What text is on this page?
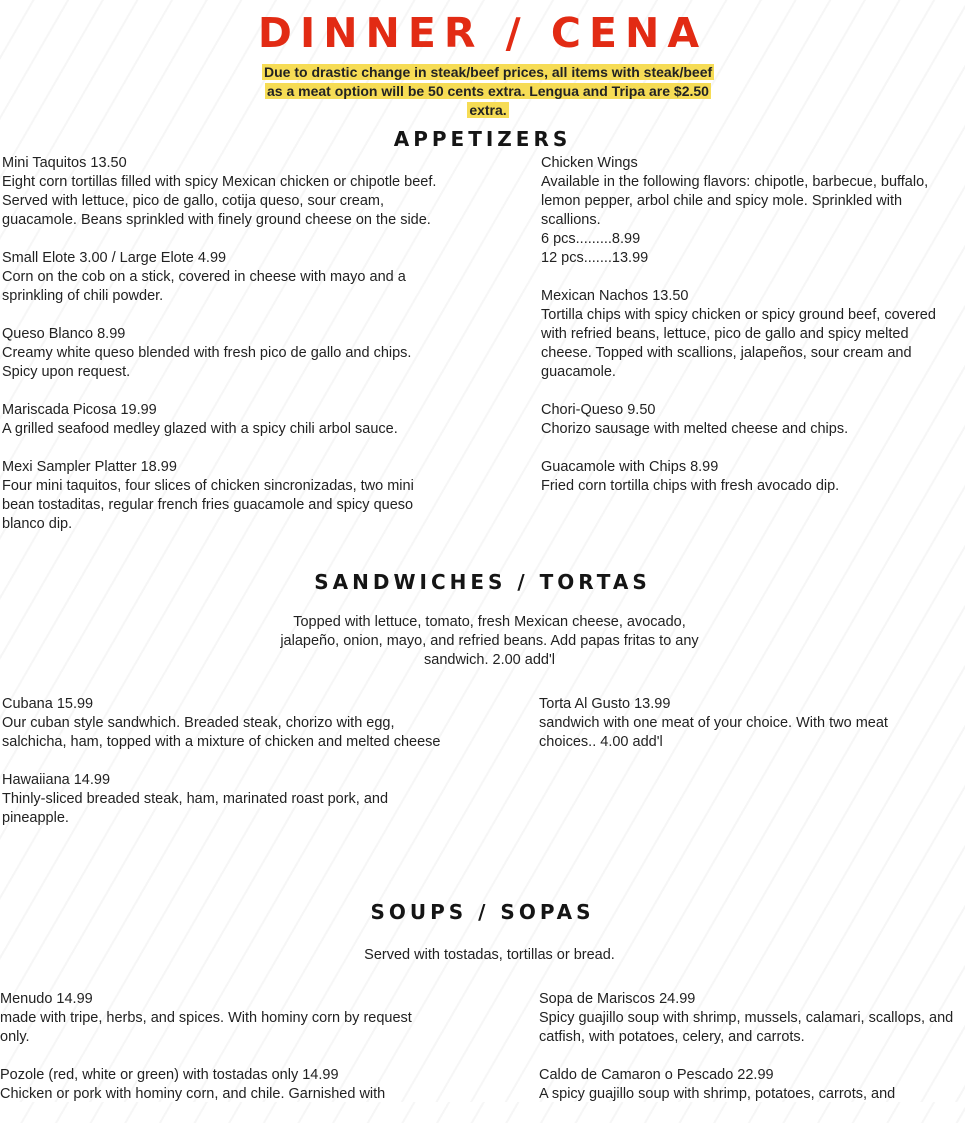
DINNER / CENA
Due to drastic change in steak/beef prices, all items with steak/beef as a meat option will be 50 cents extra. Lengua and Tripa are $2.50 extra.
APPETIZERS
Mini Taquitos 13.50
Eight corn tortillas filled with spicy Mexican chicken or chipotle beef. Served with lettuce, pico de gallo, cotija queso, sour cream, guacamole. Beans sprinkled with finely ground cheese on the side.
Small Elote 3.00 / Large Elote 4.99
Corn on the cob on a stick, covered in cheese with mayo and a sprinkling of chili powder.
Queso Blanco 8.99
Creamy white queso blended with fresh pico de gallo and chips. Spicy upon request.
Mariscada Picosa 19.99
A grilled seafood medley glazed with a spicy chili arbol sauce.
Mexi Sampler Platter 18.99
Four mini taquitos, four slices of chicken sincronizadas, two mini bean tostaditas, regular french fries guacamole and spicy queso blanco dip.
Chicken Wings
Available in the following flavors: chipotle, barbecue, buffalo, lemon pepper, arbol chile and spicy mole. Sprinkled with scallions.
6 pcs.........8.99
12 pcs.......13.99
Mexican Nachos 13.50
Tortilla chips with spicy chicken or spicy ground beef, covered with refried beans, lettuce, pico de gallo and spicy melted cheese. Topped with scallions, jalapeños, sour cream and guacamole.
Chori-Queso 9.50
Chorizo sausage with melted cheese and chips.
Guacamole with Chips 8.99
Fried corn tortilla chips with fresh avocado dip.
SANDWICHES / TORTAS
Topped with lettuce, tomato, fresh Mexican cheese, avocado, jalapeño, onion, mayo, and refried beans. Add papas fritas to any sandwich. 2.00 add'l
Cubana 15.99
Our cuban style sandwhich. Breaded steak, chorizo with egg, salchicha, ham, topped with a mixture of chicken and melted cheese
Hawaiiana 14.99
Thinly-sliced breaded steak, ham, marinated roast pork, and pineapple.
Torta Al Gusto 13.99
sandwich with one meat of your choice. With two meat choices.. 4.00 add'l
SOUPS / SOPAS
Served with tostadas, tortillas or bread.
Menudo 14.99
made with tripe, herbs, and spices. With hominy corn by request only.
Pozole (red, white or green) with tostadas only 14.99
Chicken or pork with hominy corn, and chile. Garnished with
Sopa de Mariscos 24.99
Spicy guajillo soup with shrimp, mussels, calamari, scallops, and catfish, with potatoes, celery, and carrots.
Caldo de Camaron o Pescado 22.99
A spicy guajillo soup with shrimp, potatoes, carrots, and
